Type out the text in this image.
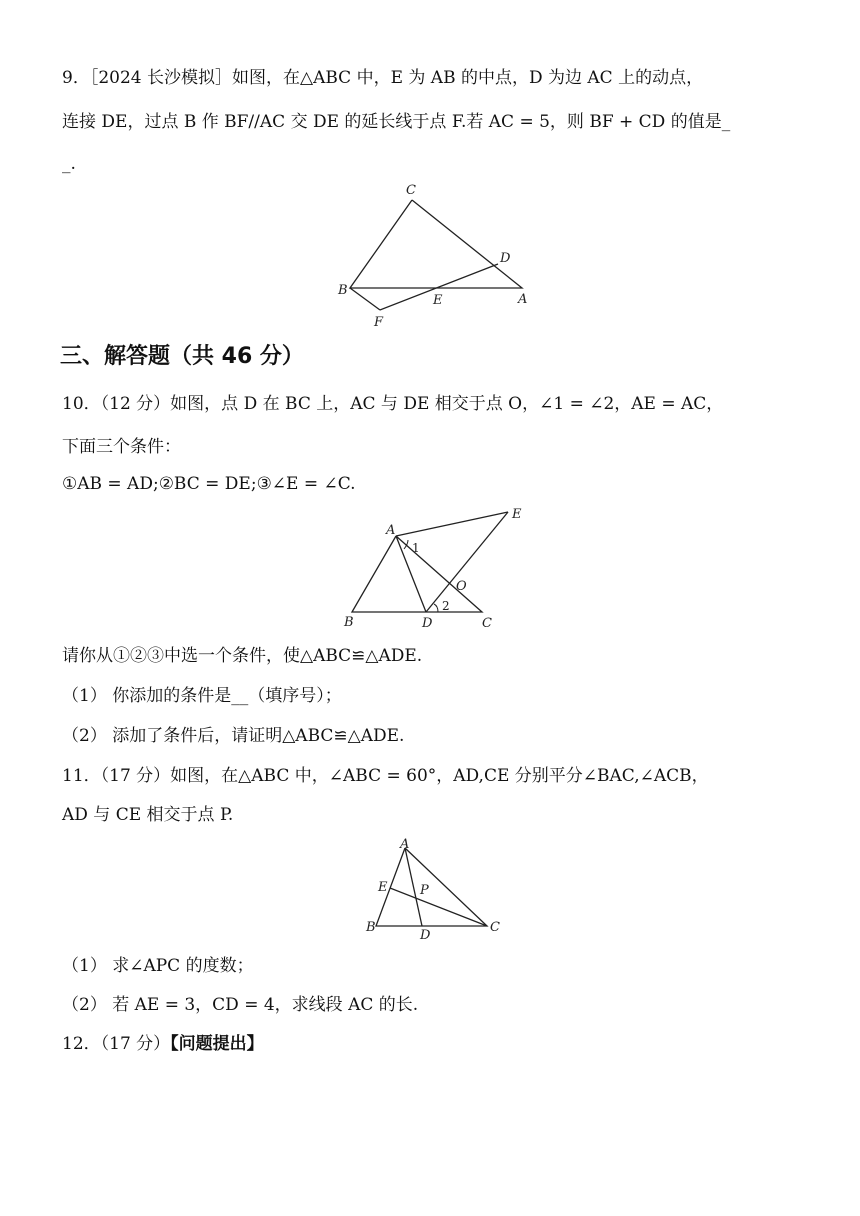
9．［2024 长沙模拟］如图，在△ABC 中，E 为 AB 的中点，D 为边 AC 上的动点，
连接 DE，过点 B 作 BF//AC 交 DE 的延长线于点 F.若 AC = 5，则 BF + CD 的值是_
_.
C
D
B
E	A
F
三、解答题（共 46 分）
10．（12 分）如图，点 D 在 BC 上，AC 与 DE 相交于点 O，∠1 = ∠2，AE = AC，
下面三个条件：
①AB = AD;②BC = DE;③∠E = ∠C.
A
E
1
O
2
B	D	C
请你从①②③中选一个条件，使△ABC≌△ADE.
（1） 你添加的条件是__（填序号）；
（2） 添加了条件后，请证明△ABC≌△ADE.
11．（17 分）如图，在△ABC 中，∠ABC = 60°，AD,CE 分别平分∠BAC,∠ACB，
AD 与 CE 相交于点 P.
A
E	P
B
D
C
（1） 求∠APC 的度数；
（2） 若 AE = 3，CD = 4，求线段 AC 的长.
12．（17 分）【问题提出】
